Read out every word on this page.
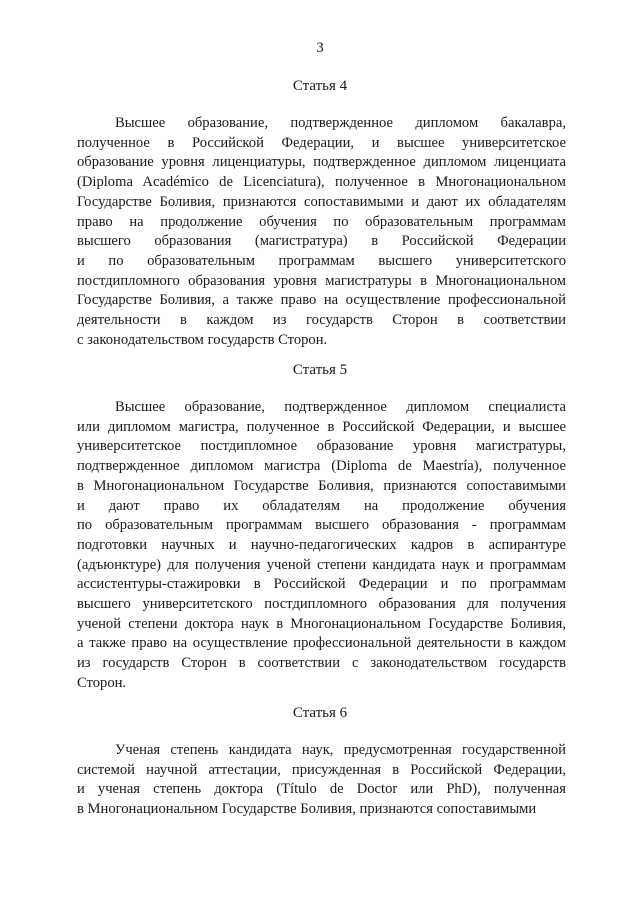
3
Статья 4
Высшее образование, подтвержденное дипломом бакалавра,
полученное в Российской Федерации, и высшее университетское
образование уровня лиценциатуры, подтвержденное дипломом лиценциата
(Diploma Académico de Licenciatura), полученное в Многонациональном
Государстве Боливия, признаются сопоставимыми и дают их обладателям
право на продолжение обучения по образовательным программам
высшего образования (магистратура) в Российской Федерации
и по образовательным программам высшего университетского
постдипломного образования уровня магистратуры в Многонациональном
Государстве Боливия, а также право на осуществление профессиональной
деятельности в каждом из государств Сторон в соответствии
с законодательством государств Сторон.
Статья 5
Высшее образование, подтвержденное дипломом специалиста
или дипломом магистра, полученное в Российской Федерации, и высшее
университетское постдипломное образование уровня магистратуры,
подтвержденное дипломом магистра (Diploma de Maestría), полученное
в Многонациональном Государстве Боливия, признаются сопоставимыми
и дают право их обладателям на продолжение обучения
по образовательным программам высшего образования - программам
подготовки научных и научно-педагогических кадров в аспирантуре
(адъюнктуре) для получения ученой степени кандидата наук и программам
ассистентуры-стажировки в Российской Федерации и по программам
высшего университетского постдипломного образования для получения
ученой степени доктора наук в Многонациональном Государстве Боливия,
а также право на осуществление профессиональной деятельности в каждом
из государств Сторон в соответствии с законодательством государств
Сторон.
Статья 6
Ученая степень кандидата наук, предусмотренная государственной
системой научной аттестации, присужденная в Российской Федерации,
и ученая степень доктора (Título de Doctor или PhD), полученная
в Многонациональном Государстве Боливия, признаются сопоставимыми
